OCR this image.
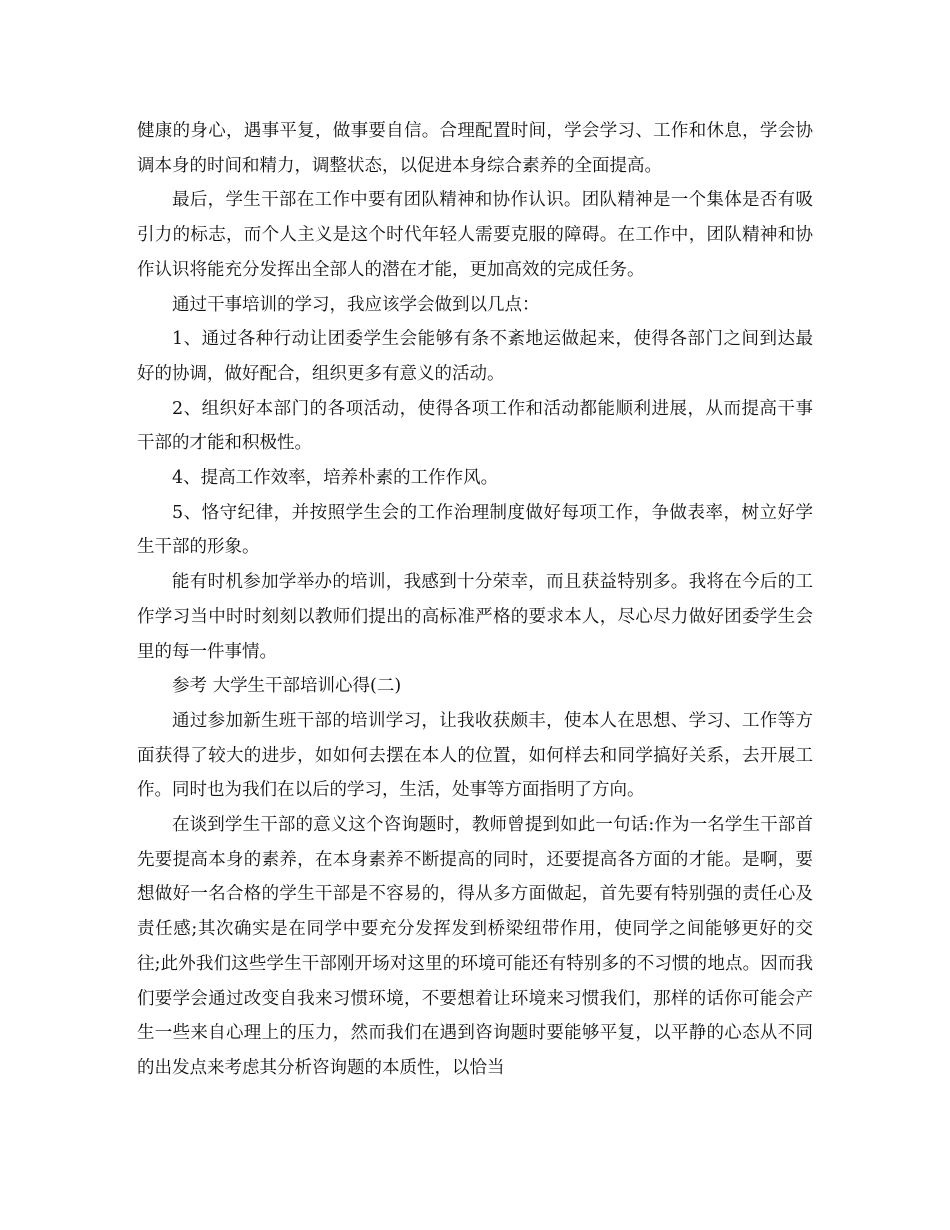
健康的身心，遇事平复，做事要自信。合理配置时间，学会学习、工作和休息，学会协调本身的时间和精力，调整状态，以促进本身综合素养的全面提高。

最后，学生干部在工作中要有团队精神和协作认识。团队精神是一个集体是否有吸引力的标志，而个人主义是这个时代年轻人需要克服的障碍。在工作中，团队精神和协作认识将能充分发挥出全部人的潜在才能，更加高效的完成任务。

通过干事培训的学习，我应该学会做到以几点：

1、通过各种行动让团委学生会能够有条不紊地运做起来，使得各部门之间到达最好的协调，做好配合，组织更多有意义的活动。

2、组织好本部门的各项活动，使得各项工作和活动都能顺利进展，从而提高干事干部的才能和积极性。

4、提高工作效率，培养朴素的工作作风。

5、恪守纪律，并按照学生会的工作治理制度做好每项工作，争做表率，树立好学生干部的形象。

能有时机参加学举办的培训，我感到十分荣幸，而且获益特别多。我将在今后的工作学习当中时时刻刻以教师们提出的高标准严格的要求本人，尽心尽力做好团委学生会里的每一件事情。

参考 大学生干部培训心得(二)

通过参加新生班干部的培训学习，让我收获颇丰，使本人在思想、学习、工作等方面获得了较大的进步，如如何去摆在本人的位置，如何样去和同学搞好关系，去开展工作。同时也为我们在以后的学习，生活，处事等方面指明了方向。

在谈到学生干部的意义这个咨询题时，教师曾提到如此一句话:作为一名学生干部首先要提高本身的素养，在本身素养不断提高的同时，还要提高各方面的才能。是啊，要想做好一名合格的学生干部是不容易的，得从多方面做起，首先要有特别强的责任心及责任感;其次确实是在同学中要充分发挥发到桥梁纽带作用，使同学之间能够更好的交往;此外我们这些学生干部刚开场对这里的环境可能还有特别多的不习惯的地点。因而我们要学会通过改变自我来习惯环境，不要想着让环境来习惯我们，那样的话你可能会产生一些来自心理上的压力，然而我们在遇到咨询题时要能够平复，以平静的心态从不同的出发点来考虑其分析咨询题的本质性，以恰当
